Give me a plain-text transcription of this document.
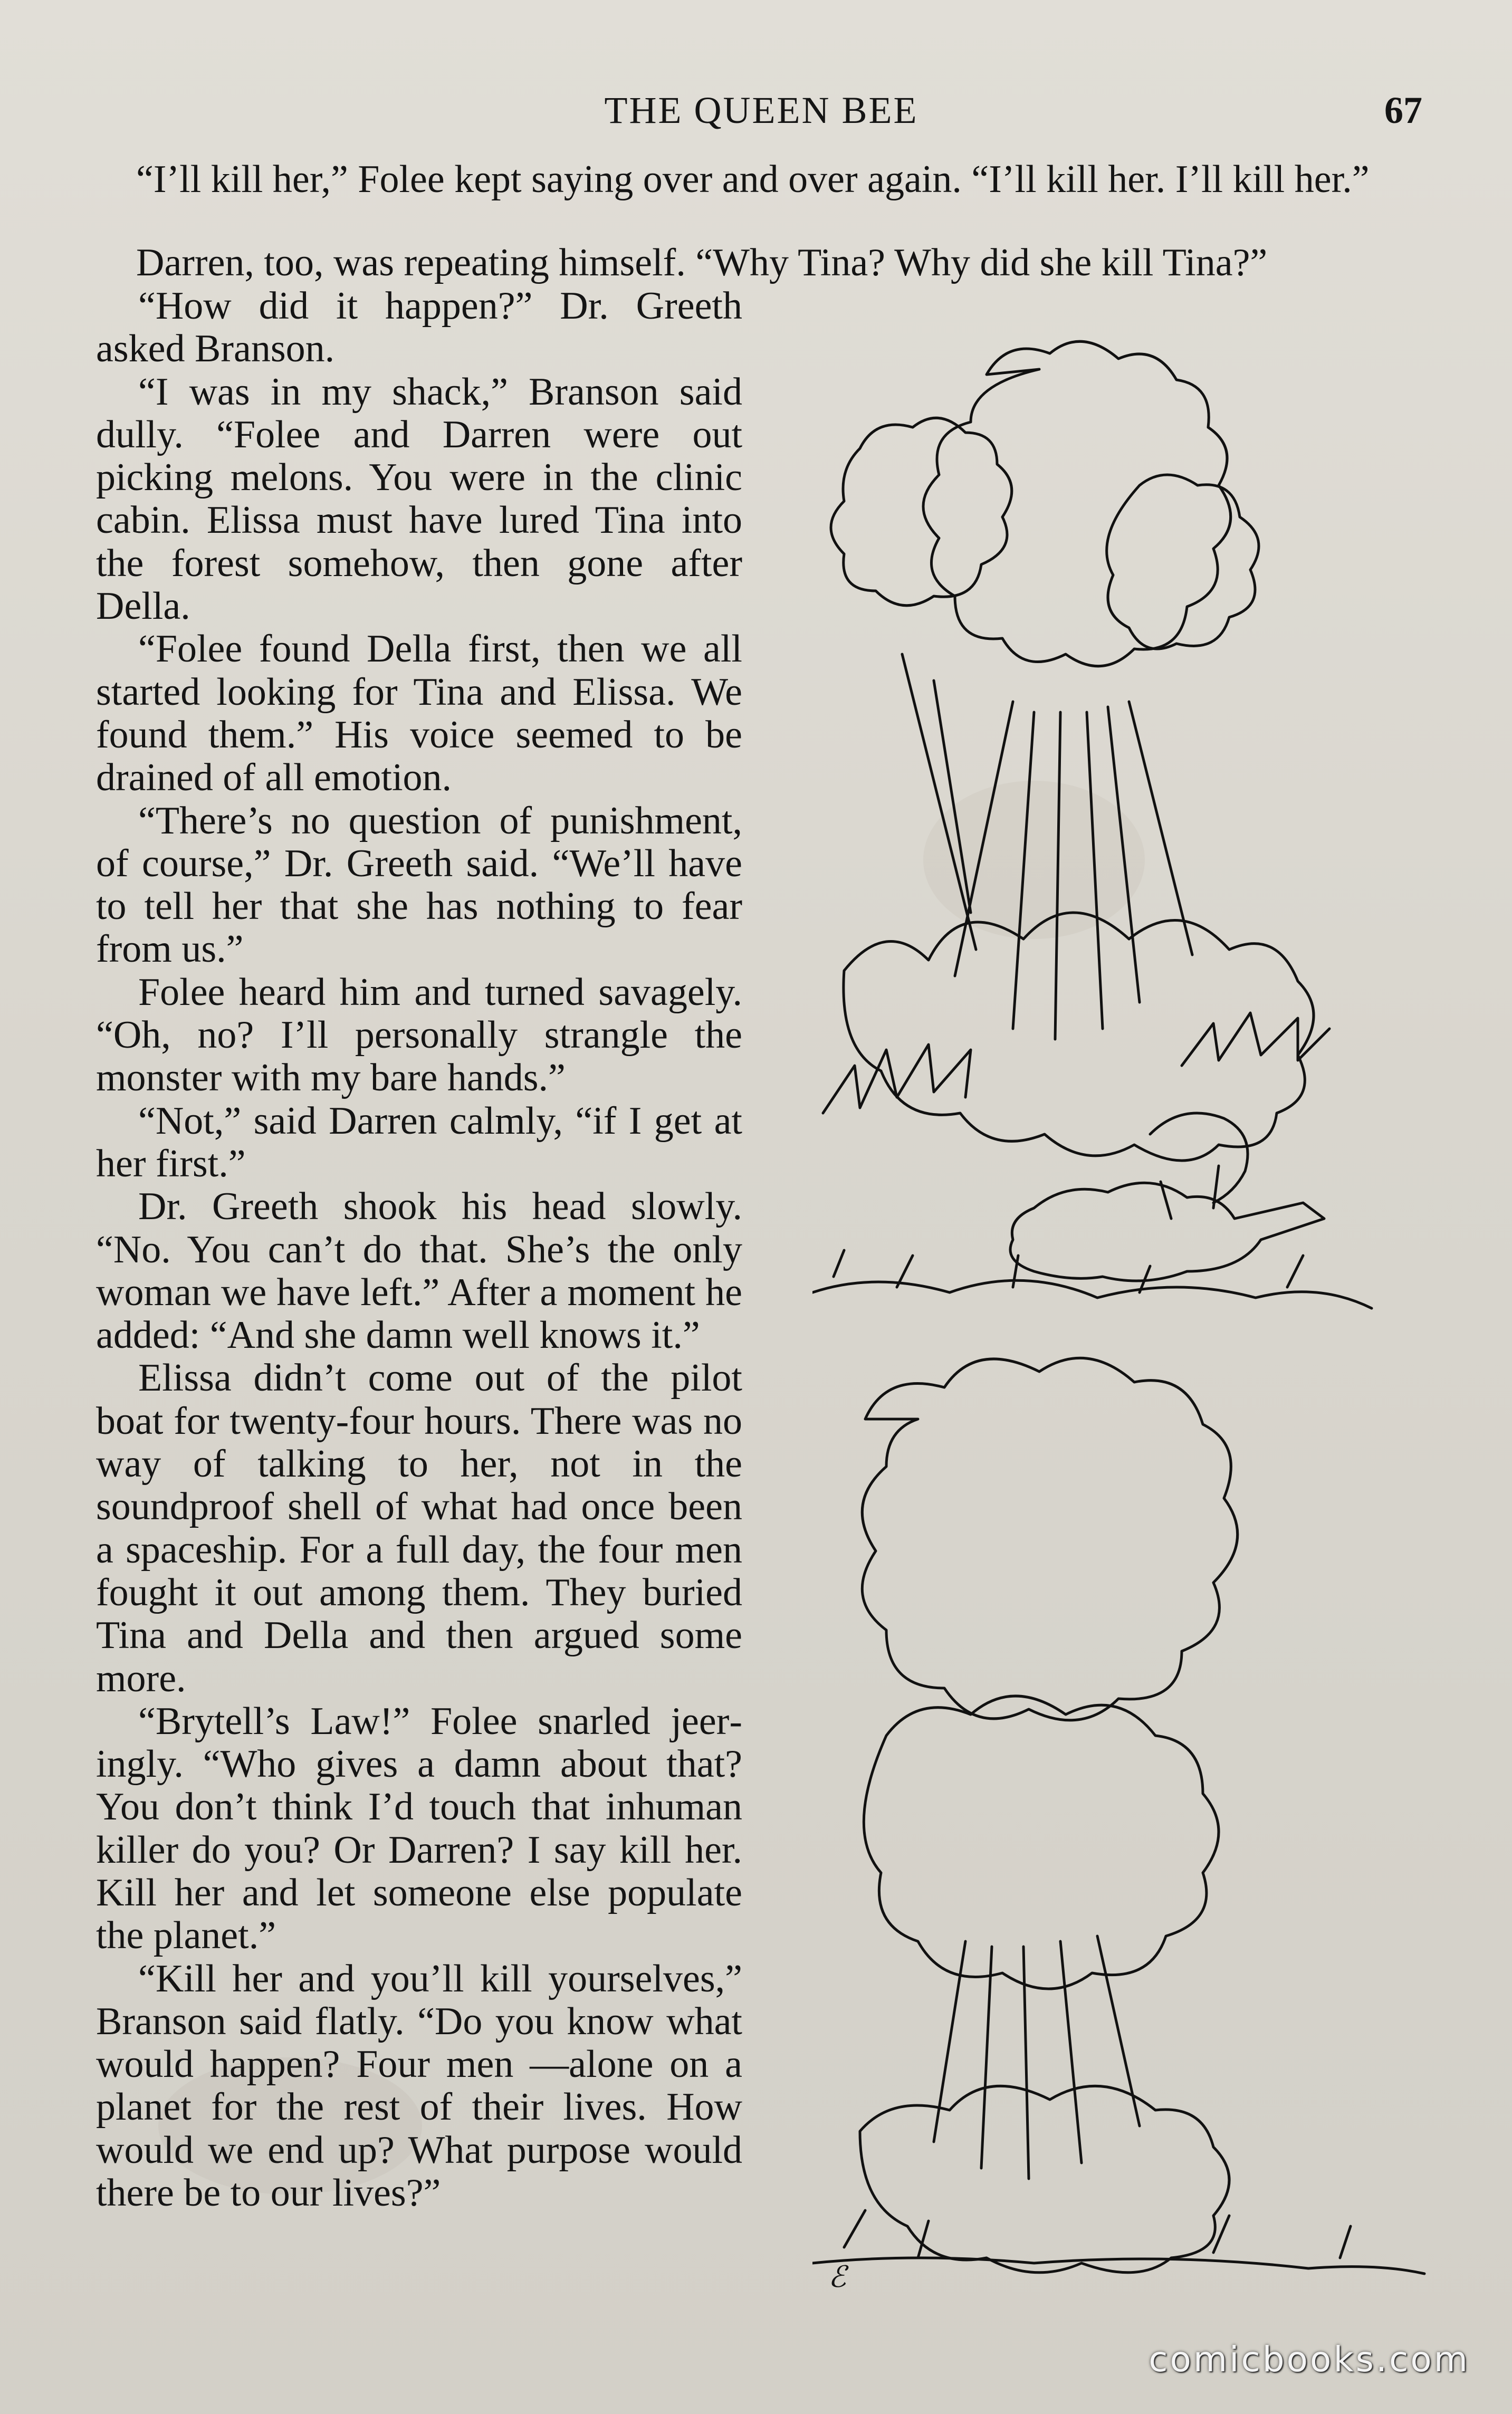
THE QUEEN BEE	67

“I’ll kill her,” Folee kept saying over and over again. “I’ll kill her. I’ll kill her.”

Darren, too, was repeating himself. “Why Tina? Why did she kill Tina?”

“How did it happen?” Dr. Greeth asked Branson.

“I was in my shack,” Branson said dully. “Folee and Darren were out picking melons. You were in the clinic cabin. Elissa must have lured Tina into the forest somehow, then gone after Della.

“Folee found Della first, then we all started looking for Tina and Elissa. We found them.” His voice seemed to be drained of all emotion.

“There’s no question of punishment, of course,” Dr. Greeth said. “We’ll have to tell her that she has nothing to fear from us.”

Folee heard him and turned savagely. “Oh, no? I’ll personally strangle the monster with my bare hands.”

“Not,” said Darren calmly, “if I get at her first.”

Dr. Greeth shook his head slowly. “No. You can’t do that. She’s the only woman we have left.” After a moment he added: “And she damn well knows it.”

Elissa didn’t come out of the pilot boat for twenty-four hours. There was no way of talking to her, not in the soundproof shell of what had once been a spaceship. For a full day, the four men fought it out among them. They buried Tina and Della and then argued some more.

“Brytell’s Law!” Folee snarled jeeringly. “Who gives a damn about that? You don’t think I’d touch that inhuman killer do you? Or Darren? I say kill her. Kill her and let someone else populate the planet.”

“Kill her and you’ll kill yourselves,” Branson said flatly. “Do you know what would happen? Four men —alone on a planet for the rest of their lives. How would we end up? What purpose would there be to our lives?”

ℰ
comicbooks.com
